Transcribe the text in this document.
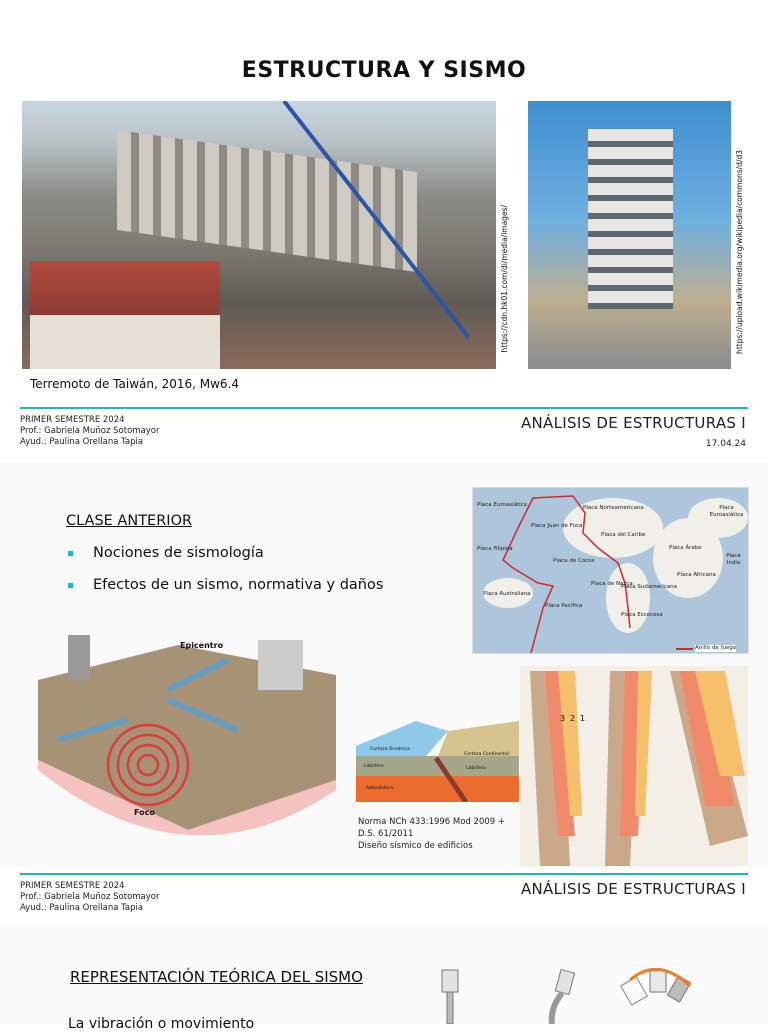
ESTRUCTURA Y SISMO
https://cdn.hk01.com/di/media/images/	https://upload.wikimedia.org/wikipedia/commons/d/d3
Terremoto de Taiwán, 2016, Mw6.4
PRIMER SEMESTRE 2024
Prof.: Gabriela Muñoz Sotomayor
Ayud.: Paulina Orellana Tapia
ANÁLISIS DE ESTRUCTURAS I
17.04.24
CLASE ANTERIOR
Nociones de sismología
Efectos de un sismo, normativa y daños
Placa Euroasiática	Placa Norteamericana	Placa Euroasiática
Placa Juan de Fuca
Placa del Caribe
Placa Filipina
Placa de Cocos
Placa Árabe
Placa India
Placa Africana
Placa Australiana
Placa de Nazca
Placa Sudamericana
Placa Pacífica
Placa Escocesa
Anillo de fuego
Epicentro
Foco
Corteza Oceánica
Corteza Continental
Litósfera	Litósfera
Astenósfera
Norma NCh 433:1996 Mod 2009 +
D.S. 61/2011
Diseño sísmico de edificios
3 2 1
PRIMER SEMESTRE 2024
Prof.: Gabriela Muñoz Sotomayor
Ayud.: Paulina Orellana Tapia
ANÁLISIS DE ESTRUCTURAS I
REPRESENTACIÓN TEÓRICA DEL SISMO
La vibración o movimiento
